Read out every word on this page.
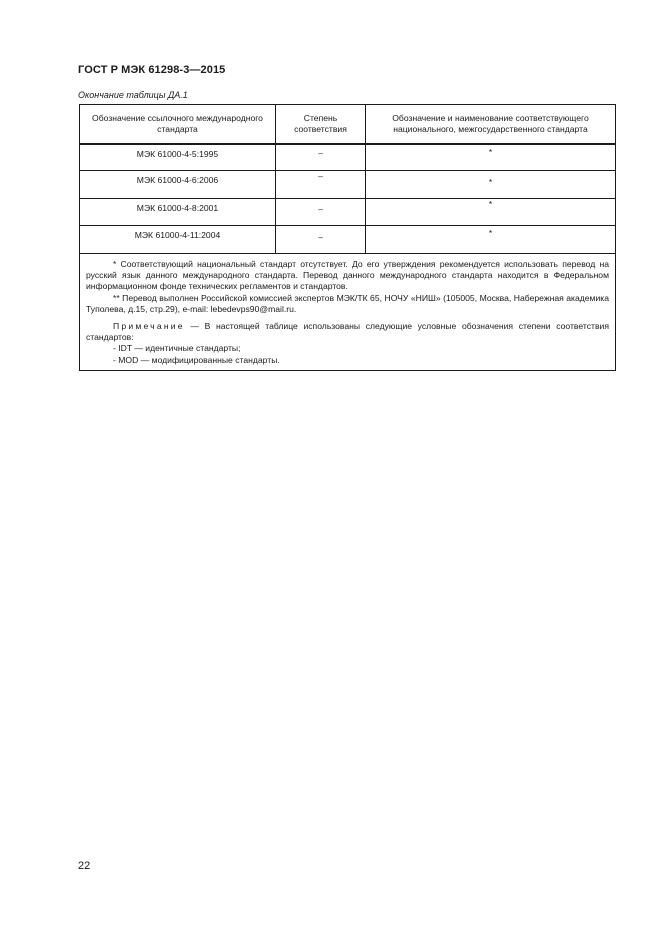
ГОСТ Р МЭК 61298-3—2015
Окончание таблицы ДА.1
Обозначение ссылочного международного стандарта	Степень соответствия	Обозначение и наименование соответствующего национального, межгосударственного стандарта
МЭК 61000-4-5:1995	–	*
МЭК 61000-4-6:2006	–	*
МЭК 61000-4-8:2001	–	*
МЭК 61000-4-11:2004	–	*

* Соответствующий национальный стандарт отсутствует. До его утверждения рекомендуется использовать перевод на русский язык данного международного стандарта. Перевод данного международного стандарта находится в Федеральном информационном фонде технических регламентов и стандартов.

** Перевод выполнен Российской комиссией экспертов МЭК/ТК 65, НОЧУ «НИШ» (105005, Москва, Набережная академика Туполева, д.15, стр.29), e-mail: lebedevps90@mail.ru.

Примечание — В настоящей таблице использованы следующие условные обозначения степени соответствия стандартов:

- IDT — идентичные стандарты;

- MOD — модифицированные стандарты.		

22
